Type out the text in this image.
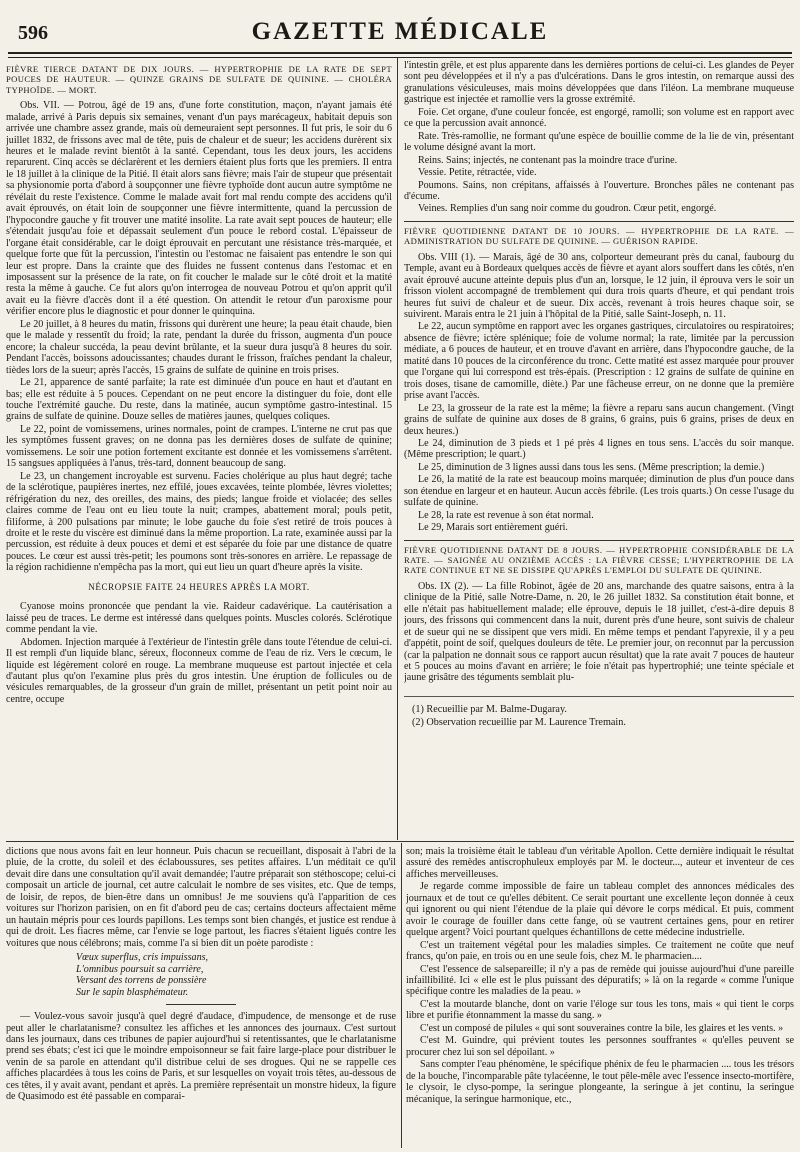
596	GAZETTE MÉDICALE
FIÈVRE TIERCE DATANT DE DIX JOURS. — HYPERTROPHIE DE LA RATE DE SEPT POUCES DE HAUTEUR. — QUINZE GRAINS DE SULFATE DE QUININE. — CHOLÉRA TYPHOÏDE. — MORT.

Obs. VII. — Potrou, âgé de 19 ans, d'une forte constitution, maçon, n'ayant jamais été malade, arrivé à Paris depuis six semaines, venant d'un pays marécageux, habitait depuis son arrivée une chambre assez grande, mais où demeuraient sept personnes. Il fut pris, le soir du 6 juillet 1832, de frissons avec mal de tête, puis de chaleur et de sueur; les accidens durèrent six heures et le malade revint bientôt à la santé. Cependant, tous les deux jours, les accidens reparurent. Cinq accès se déclarèrent et les derniers étaient plus forts que les premiers. Il entra le 18 juillet à la clinique de la Pitié. Il était alors sans fièvre; mais l'air de stupeur que présentait sa physionomie porta d'abord à soupçonner une fièvre typhoïde dont aucun autre symptôme ne révélait du reste l'existence. Comme le malade avait fort mal rendu compte des accidens qu'il avait éprouvés, on était loin de soupçonner une fièvre intermittente, quand la percussion de l'hypocondre gauche y fit trouver une matité insolite. La rate avait sept pouces de hauteur; elle s'étendait jusqu'au foie et dépassait seulement d'un pouce le rebord costal. L'épaisseur de l'organe était considérable, car le doigt éprouvait en percutant une résistance très-marquée, et quelque forte que fût la percussion, l'intestin ou l'estomac ne faisaient pas entendre le son qui leur est propre. Dans la crainte que des fluides ne fussent contenus dans l'estomac et en imposassent sur la présence de la rate, on fit coucher le malade sur le côté droit et la matité resta la même à gauche. Ce fut alors qu'on interrogea de nouveau Potrou et qu'on apprit qu'il avait eu la fièvre d'accès dont il a été question. On attendit le retour d'un paroxisme pour vérifier encore plus le diagnostic et pour donner le quinquina.

Le 20 juillet, à 8 heures du matin, frissons qui durèrent une heure; la peau était chaude, bien que le malade y ressentît du froid; la rate, pendant la durée du frisson, augmenta d'un pouce encore; la chaleur succéda, la peau devint brûlante, et la sueur dura jusqu'à 8 heures du soir. Pendant l'accès, boissons adoucissantes; chaudes durant le frisson, fraîches pendant la chaleur, tièdes lors de la sueur; après l'accès, 15 grains de sulfate de quinine en trois prises.

Le 21, apparence de santé parfaite; la rate est diminuée d'un pouce en haut et d'autant en bas; elle est réduite à 5 pouces. Cependant on ne peut encore la distinguer du foie, dont elle touche l'extrémité gauche. Du reste, dans la matinée, aucun symptôme gastro-intestinal. 15 grains de sulfate de quinine. Douze selles de matières jaunes, quelques coliques.

Le 22, point de vomissemens, urines normales, point de crampes. L'interne ne crut pas que les symptômes fussent graves; on ne donna pas les dernières doses de sulfate de quinine; vomissemens. Le soir une potion fortement excitante est donnée et les vomissemens s'arrêtent. 15 sangsues appliquées à l'anus, très-tard, donnent beaucoup de sang.

Le 23, un changement incroyable est survenu. Facies cholérique au plus haut degré; tache de la sclérotique, paupières inertes, nez effilé, joues excavées, teinte plombée, lèvres violettes; réfrigération du nez, des oreilles, des mains, des pieds; langue froide et violacée; des selles claires comme de l'eau ont eu lieu toute la nuit; crampes, abattement moral; pouls petit, filiforme, à 200 pulsations par minute; le lobe gauche du foie s'est retiré de trois pouces à droite et le reste du viscère est diminué dans la même proportion. La rate, examinée aussi par la percussion, est réduite à deux pouces et demi et est séparée du foie par une distance de quatre pouces. Le cœur est aussi très-petit; les poumons sont très-sonores en arrière. Le repassage de la région rachidienne n'empêcha pas la mort, qui eut lieu un quart d'heure après la visite.

NÉCROPSIE FAITE 24 HEURES APRÈS LA MORT.

Cyanose moins prononcée que pendant la vie. Raideur cadavérique. La cautérisation a laissé peu de traces. Le derme est intéressé dans quelques points. Muscles colorés. Sclérotique comme pendant la vie.

Abdomen. Injection marquée à l'extérieur de l'intestin grêle dans toute l'étendue de celui-ci. Il est rempli d'un liquide blanc, séreux, floconneux comme de l'eau de riz. Vers le cœcum, le liquide est légèrement coloré en rouge. La membrane muqueuse est partout injectée et cela d'autant plus qu'on l'examine plus près du gros intestin. Une éruption de follicules ou de vésicules remarquables, de la grosseur d'un grain de millet, présentant un petit point noir au centre, occupe

l'intestin grêle, et est plus apparente dans les dernières portions de celui-ci. Les glandes de Peyer sont peu développées et il n'y a pas d'ulcérations. Dans le gros intestin, on remarque aussi des granulations vésiculeuses, mais moins développées que dans l'iléon. La membrane muqueuse gastrique est injectée et ramollie vers la grosse extrémité.

Foie. Cet organe, d'une couleur foncée, est engorgé, ramolli; son volume est en rapport avec ce que la percussion avait annoncé.

Rate. Très-ramollie, ne formant qu'une espèce de bouillie comme de la lie de vin, présentant le volume désigné avant la mort.

Reins. Sains; injectés, ne contenant pas la moindre trace d'urine.

Vessie. Petite, rétractée, vide.

Poumons. Sains, non crépitans, affaissés à l'ouverture. Bronches pâles ne contenant pas d'écume.

Veines. Remplies d'un sang noir comme du goudron. Cœur petit, engorgé.

FIÈVRE QUOTIDIENNE DATANT DE 10 JOURS. — HYPERTROPHIE DE LA RATE. — ADMINISTRATION DU SULFATE DE QUININE. — GUÉRISON RAPIDE.

Obs. VIII (1). — Marais, âgé de 30 ans, colporteur demeurant près du canal, faubourg du Temple, avant eu à Bordeaux quelques accès de fièvre et ayant alors souffert dans les côtés, n'en avait éprouvé aucune atteinte depuis plus d'un an, lorsque, le 12 juin, il éprouva vers le soir un frisson violent accompagné de tremblement qui dura trois quarts d'heure, et qui pendant trois heures fut suivi de chaleur et de sueur. Dix accès, revenant à trois heures chaque soir, se suivirent. Marais entra le 21 juin à l'hôpital de la Pitié, salle Saint-Joseph, n. 11.

Le 22, aucun symptôme en rapport avec les organes gastriques, circulatoires ou respiratoires; absence de fièvre; ictère splénique; foie de volume normal; la rate, limitée par la percussion médiate, a 6 pouces de hauteur, et en trouve d'avant en arrière, dans l'hypocondre gauche, de la matité dans 10 pouces de la circonférence du tronc. Cette matité est assez marquée pour prouver que l'organe qui lui correspond est très-épais. (Prescription : 12 grains de sulfate de quinine en trois doses, tisane de camomille, diète.) Par une fâcheuse erreur, on ne donne que la première prise avant l'accès.

Le 23, la grosseur de la rate est la même; la fièvre a reparu sans aucun changement. (Vingt grains de sulfate de quinine aux doses de 8 grains, 6 grains, puis 6 grains, prises de deux en deux heures.)

Le 24, diminution de 3 pieds et 1 pé près 4 lignes en tous sens. L'accès du soir manque. (Même prescription; le quart.)

Le 25, diminution de 3 lignes aussi dans tous les sens. (Même prescription; la demie.)

Le 26, la matité de la rate est beaucoup moins marquée; diminution de plus d'un pouce dans son étendue en largeur et en hauteur. Aucun accès fébrile. (Les trois quarts.) On cesse l'usage du sulfate de quinine.

Le 28, la rate est revenue à son état normal.

Le 29, Marais sort entièrement guéri.

FIÈVRE QUOTIDIENNE DATANT DE 8 JOURS. — HYPERTROPHIE CONSIDÉRABLE DE LA RATE. — SAIGNÉE AU ONZIÈME ACCÈS : LA FIÈVRE CESSE; L'HYPERTROPHIE DE LA RATE CONTINUE ET NE SE DISSIPE QU'APRÈS L'EMPLOI DU SULFATE DE QUININE.

Obs. IX (2). — La fille Robinot, âgée de 20 ans, marchande des quatre saisons, entra à la clinique de la Pitié, salle Notre-Dame, n. 20, le 26 juillet 1832. Sa constitution était bonne, et elle n'était pas habituellement malade; elle éprouve, depuis le 18 juillet, c'est-à-dire depuis 8 jours, des frissons qui commencent dans la nuit, durent près d'une heure, sont suivis de chaleur et de sueur qui ne se dissipent que vers midi. En même temps et pendant l'apyrexie, il y a peu d'appétit, point de soif, quelques douleurs de tête. Le premier jour, on reconnut par la percussion (car la palpation ne donnait sous ce rapport aucun résultat) que la rate avait 7 pouces de hauteur et 5 pouces au moins d'avant en arrière; le foie n'était pas hypertrophié; une teinte spéciale et jaune grisâtre des téguments semblait plu-

(1) Recueillie par M. Balme-Dugaray.
(2) Observation recueillie par M. Laurence Tremain.

dictions que nous avons fait en leur honneur. Puis chacun se recueillant, disposait à l'abri de la pluie, de la crotte, du soleil et des éclaboussures, ses petites affaires. L'un méditait ce qu'il devait dire dans une consultation qu'il avait demandée; l'autre préparait son stéthoscope; celui-ci composait un article de journal, cet autre calculait le nombre de ses visites, etc. Que de temps, de loisir, de repos, de bien-être dans un omnibus! Je me souviens qu'à l'apparition de ces voitures sur l'horizon parisien, on en fit d'abord peu de cas; certains docteurs affectaient même un hautain mépris pour ces lourds papillons. Les temps sont bien changés, et justice est rendue à qui de droit. Les fiacres même, car l'envie se loge partout, les fiacres s'étaient ligués contre les voitures que nous célébrons; mais, comme l'a si bien dit un poète parodiste :

Vœux superflus, cris impuissans,
L'omnibus poursuit sa carrière,
Versant des torrens de ponssière
Sur le sapin blasphémateur.

— Voulez-vous savoir jusqu'à quel degré d'audace, d'impudence, de mensonge et de ruse peut aller le charlatanisme? consultez les affiches et les annonces des journaux. C'est surtout dans les journaux, dans ces tribunes de papier aujourd'hui si retentissantes, que le charlatanisme prend ses ébats; c'est ici que le moindre empoisonneur se fait faire large-place pour distribuer le venin de sa parole en attendant qu'il distribue celui de ses drogues. Qui ne se rappelle ces affiches placardées à tous les coins de Paris, et sur lesquelles on voyait trois têtes, au-dessous de ces têtes, il y avait avant, pendant et après. La première représentait un monstre hideux, la figure de Quasimodo est été passable en comparai-

son; mais la troisième était le tableau d'un véritable Apollon. Cette dernière indiquait le résultat assuré des remèdes antiscrophuleux employés par M. le docteur..., auteur et inventeur de ces affiches merveilleuses.

Je regarde comme impossible de faire un tableau complet des annonces médicales des journaux et de tout ce qu'elles débitent. Ce serait pourtant une excellente leçon donnée à ceux qui ignorent ou qui nient l'étendue de la plaie qui dévore le corps médical. Et puis, comment avoir le courage de fouiller dans cette fange, où se vautrent certaines gens, pour en retirer quelque argent? Voici pourtant quelques échantillons de cette médecine industrielle.

C'est un traitement végétal pour les maladies simples. Ce traitement ne coûte que neuf francs, qu'on paie, en trois ou en une seule fois, chez M. le pharmacien....

C'est l'essence de salsepareille; il n'y a pas de remède qui jouisse aujourd'hui d'une pareille infaillibilité. Ici « elle est le plus puissant des dépuratifs; » là on la regarde « comme l'unique spécifique contre les maladies de la peau. »

C'est la moutarde blanche, dont on varie l'éloge sur tous les tons, mais « qui tient le corps libre et purifie étonnamment la masse du sang. »

C'est un composé de pilules « qui sont souveraines contre la bile, les glaires et les vents. »

C'est M. Guindre, qui prévient toutes les personnes souffrantes « qu'elles peuvent se procurer chez lui son sel dépoilant. »

Sans compter l'eau phénomène, le spécifique phénix de feu le pharmacien .... tous les trésors de la bouche, l'incomparable pâte tylacéenne, le tout pêle-mêle avec l'essence insecto-mortifère, le clysoir, le clyso-pompe, la seringue plongeante, la seringue à jet continu, la seringue mécanique, la seringue harmonique, etc.,
